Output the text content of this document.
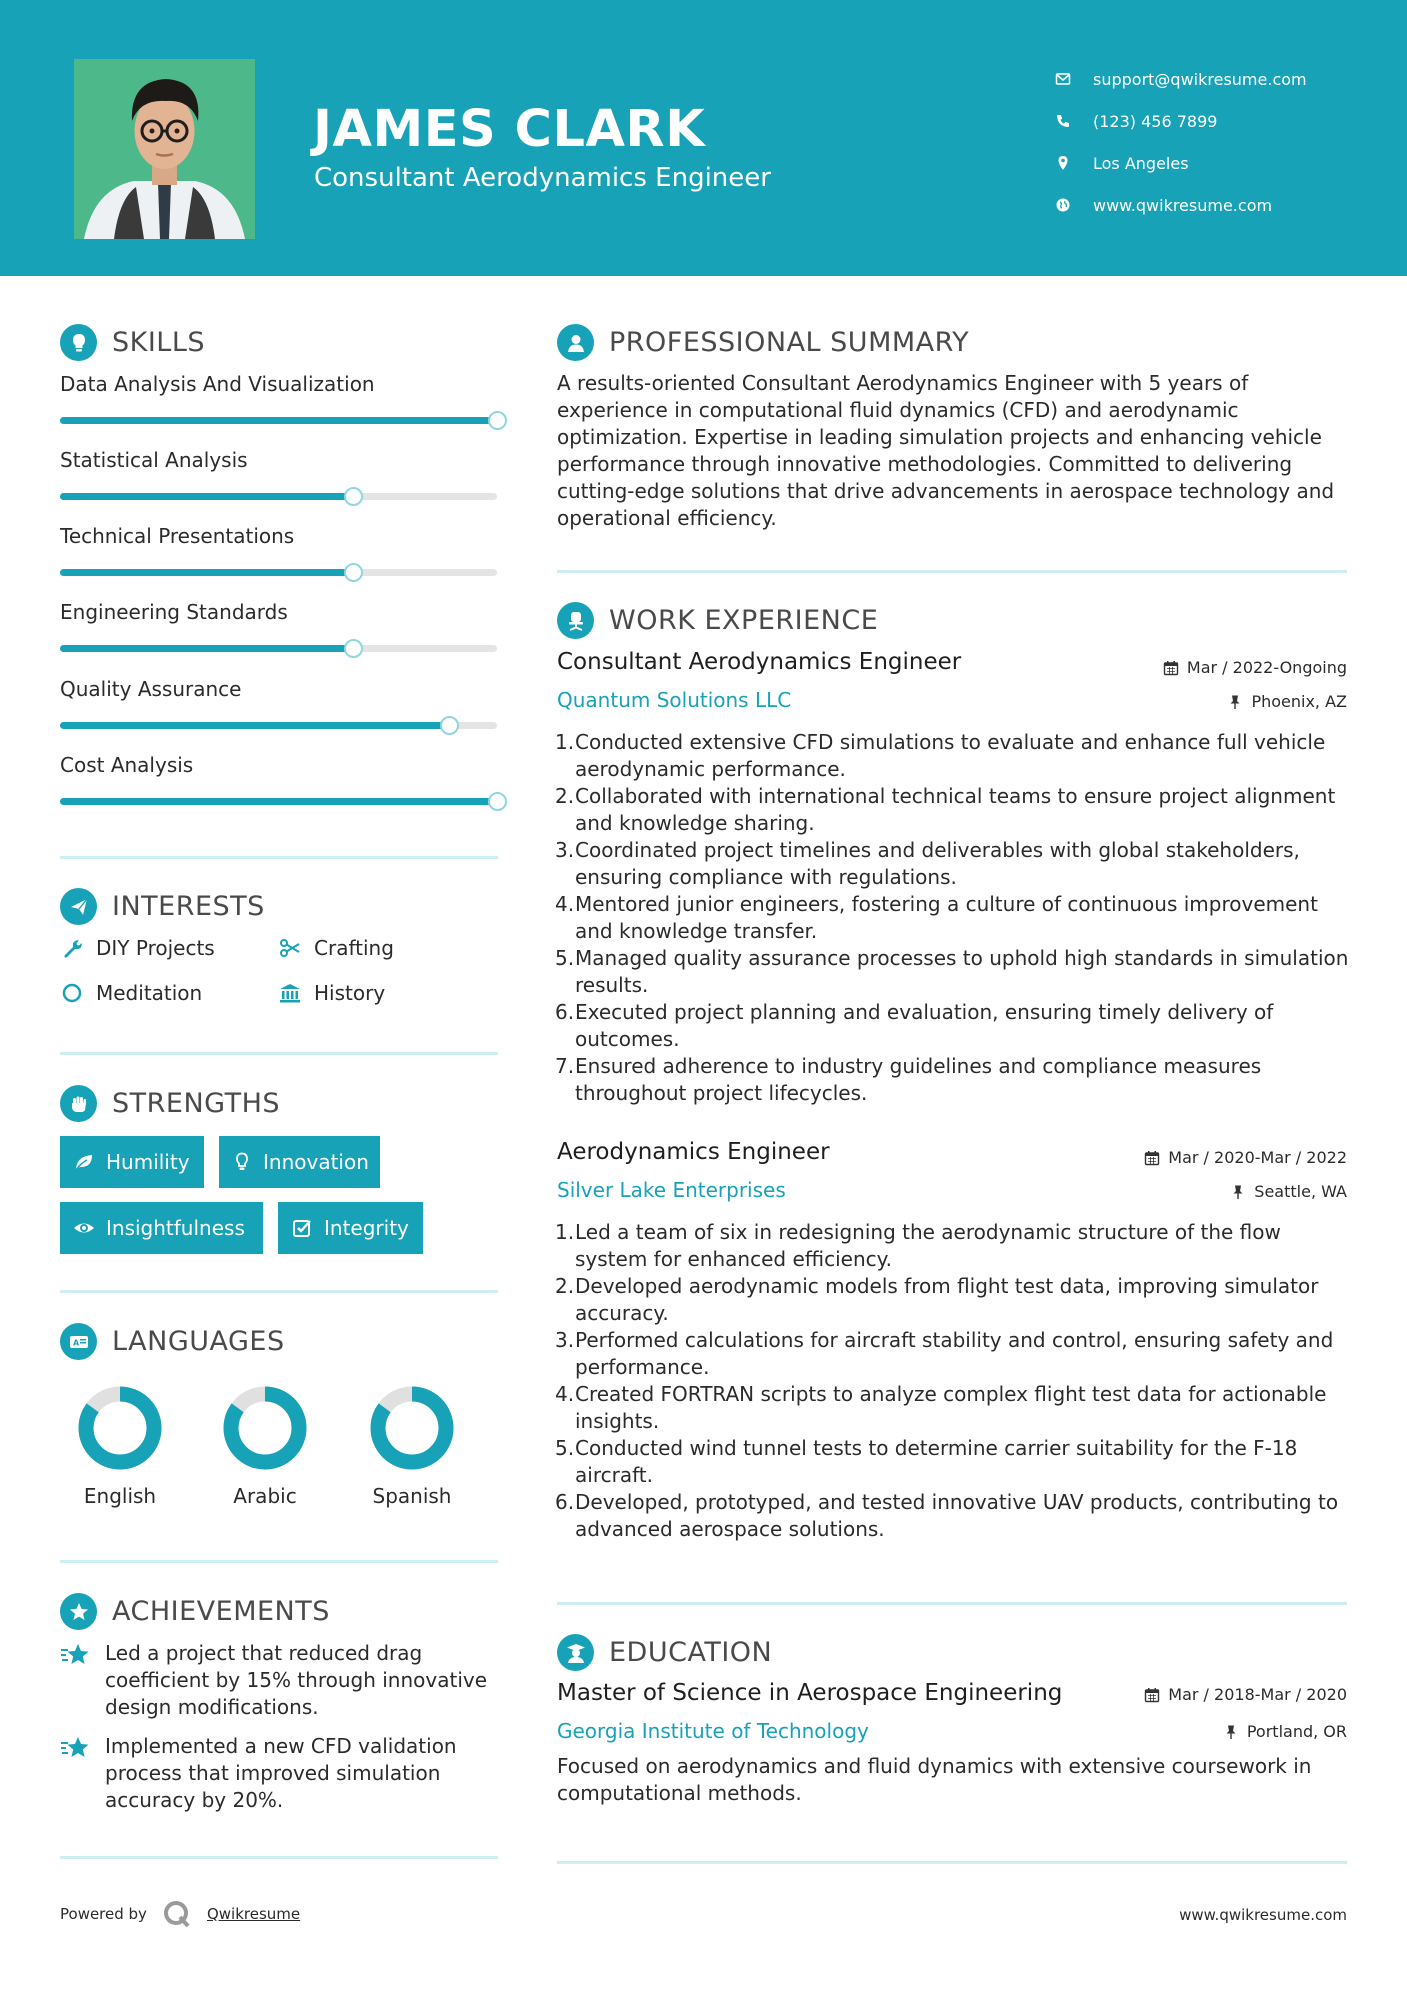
JAMES CLARK
Consultant Aerodynamics Engineer
support@qwikresume.com
(123) 456 7899
Los Angeles
www.qwikresume.com
SKILLS
Data Analysis And Visualization
Statistical Analysis
Technical Presentations
Engineering Standards
Quality Assurance
Cost Analysis
INTERESTS
DIY Projects	Crafting
Meditation	History
STRENGTHS
Humility	Innovation
Insightfulness	Integrity
A LANGUAGES
English	Arabic	Spanish
ACHIEVEMENTS
Led a project that reduced drag coefficient by 15% through innovative design modifications.
Implemented a new CFD validation process that improved simulation accuracy by 20%.
PROFESSIONAL SUMMARY
A results-oriented Consultant Aerodynamics Engineer with 5 years of experience in computational fluid dynamics (CFD) and aerodynamic optimization. Expertise in leading simulation projects and enhancing vehicle performance through innovative methodologies. Committed to delivering cutting-edge solutions that drive advancements in aerospace technology and operational efficiency.
WORK EXPERIENCE
Consultant Aerodynamics Engineer	Mar / 2022-Ongoing
Quantum Solutions LLC	Phoenix, AZ
Conducted extensive CFD simulations to evaluate and enhance full vehicle aerodynamic performance.
Collaborated with international technical teams to ensure project alignment and knowledge sharing.
Coordinated project timelines and deliverables with global stakeholders, ensuring compliance with regulations.
Mentored junior engineers, fostering a culture of continuous improvement and knowledge transfer.
Managed quality assurance processes to uphold high standards in simulation results.
Executed project planning and evaluation, ensuring timely delivery of outcomes.
Ensured adherence to industry guidelines and compliance measures throughout project lifecycles.
Aerodynamics Engineer	Mar / 2020-Mar / 2022
Silver Lake Enterprises	Seattle, WA
Led a team of six in redesigning the aerodynamic structure of the flow system for enhanced efficiency.
Developed aerodynamic models from flight test data, improving simulator accuracy.
Performed calculations for aircraft stability and control, ensuring safety and performance.
Created FORTRAN scripts to analyze complex flight test data for actionable insights.
Conducted wind tunnel tests to determine carrier suitability for the F-18 aircraft.
Developed, prototyped, and tested innovative UAV products, contributing to advanced aerospace solutions.
EDUCATION
Master of Science in Aerospace Engineering	Mar / 2018-Mar / 2020
Georgia Institute of Technology	Portland, OR
Focused on aerodynamics and fluid dynamics with extensive coursework in computational methods.
Powered by	Qwikresume	www.qwikresume.com
